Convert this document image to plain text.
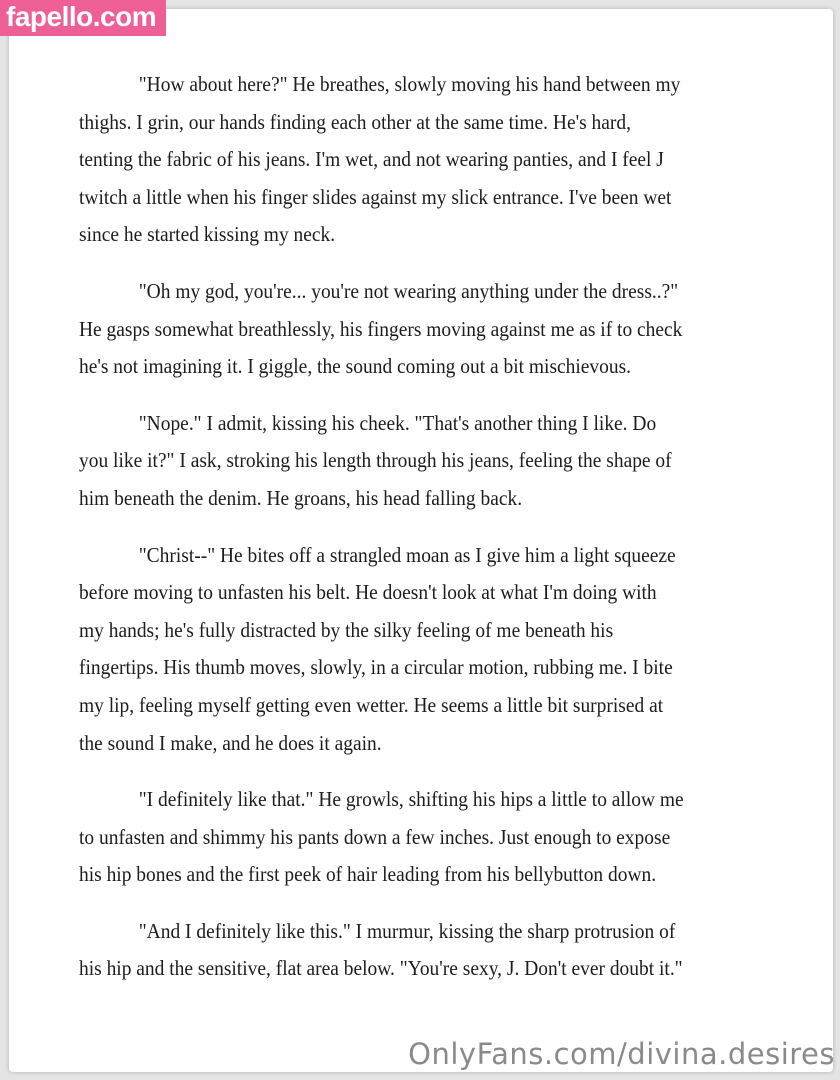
"How about here?" He breathes, slowly moving his hand between my
thighs. I grin, our hands finding each other at the same time. He's hard,
tenting the fabric of his jeans. I'm wet, and not wearing panties, and I feel J
twitch a little when his finger slides against my slick entrance. I've been wet
since he started kissing my neck.

"Oh my god, you're... you're not wearing anything under the dress..?"
He gasps somewhat breathlessly, his fingers moving against me as if to check
he's not imagining it. I giggle, the sound coming out a bit mischievous.

"Nope." I admit, kissing his cheek. "That's another thing I like. Do
you like it?" I ask, stroking his length through his jeans, feeling the shape of
him beneath the denim. He groans, his head falling back.

"Christ--" He bites off a strangled moan as I give him a light squeeze
before moving to unfasten his belt. He doesn't look at what I'm doing with
my hands; he's fully distracted by the silky feeling of me beneath his
fingertips. His thumb moves, slowly, in a circular motion, rubbing me. I bite
my lip, feeling myself getting even wetter. He seems a little bit surprised at
the sound I make, and he does it again.

"I definitely like that." He growls, shifting his hips a little to allow me
to unfasten and shimmy his pants down a few inches. Just enough to expose
his hip bones and the first peek of hair leading from his bellybutton down.

"And I definitely like this." I murmur, kissing the sharp protrusion of
his hip and the sensitive, flat area below. "You're sexy, J. Don't ever doubt it."

fapello.com
OnlyFans.com/divina.desires
